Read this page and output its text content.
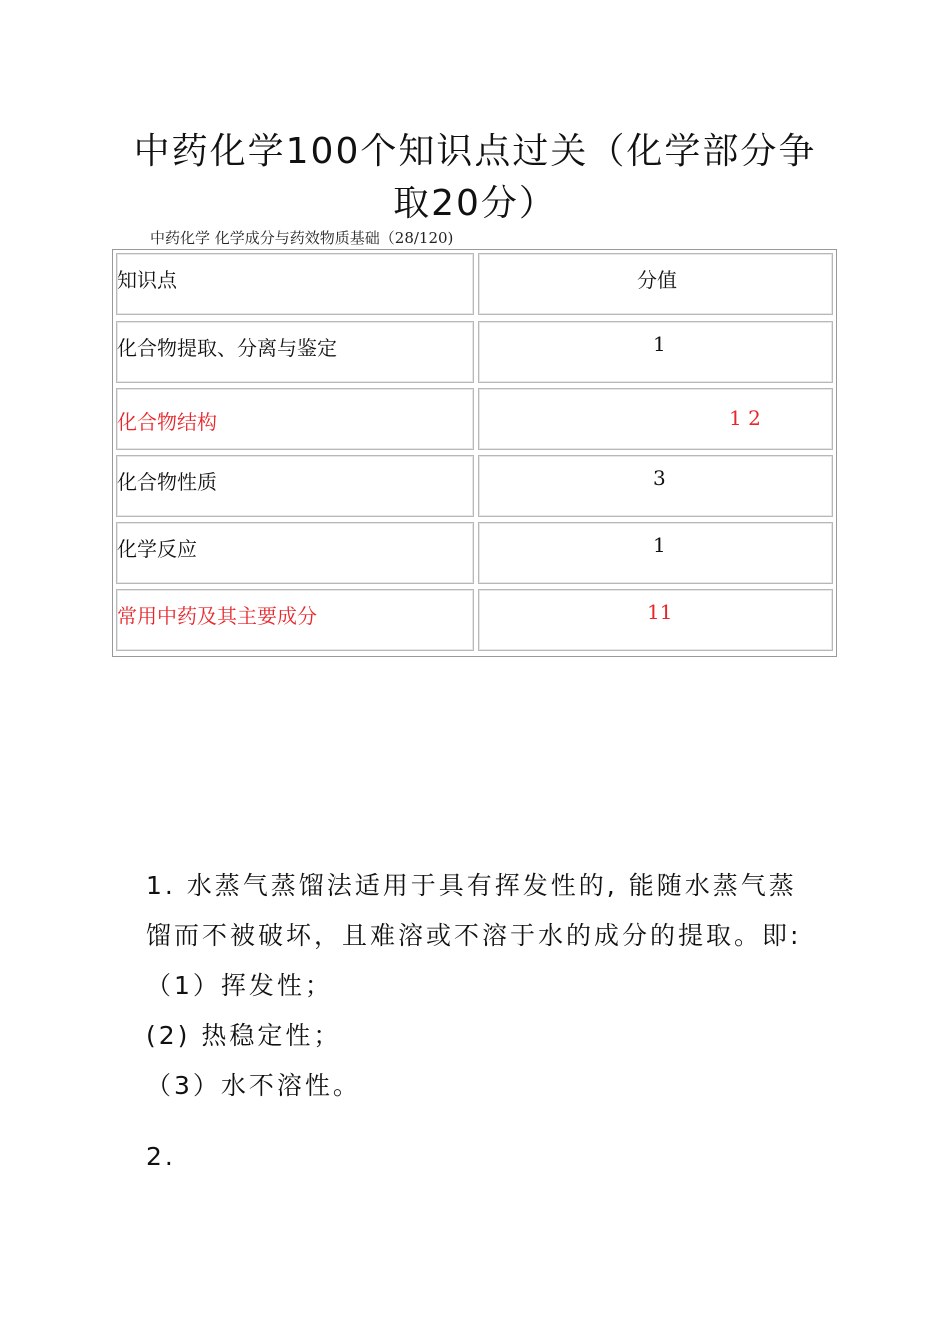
中药化学100个知识点过关（化学部分争取20分）
中药化学 化学成分与药效物质基础（28/120)
知识点	分值
化合物提取、分离与鉴定	1
化合物结构	1 2
化合物性质	3
化学反应	1
常用中药及其主要成分	11
1. 水蒸气蒸馏法适用于具有挥发性的, 能随水蒸气蒸
馏而不被破坏，且难溶或不溶于水的成分的提取。即:
（1）挥发性；
(2) 热稳定性；
（3）水不溶性。
2.
